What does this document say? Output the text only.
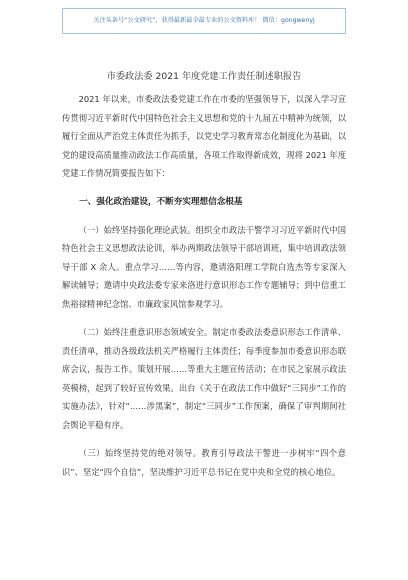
关注头条号“公文研究”，获得最新最全最专业的公文资料库！ 微信：gongwenyj
市委政法委 2021 年度党建工作责任制述职报告

2021 年以来，市委政法委党建工作在市委的坚强领导下，以深入学习宣传贯彻习近平新时代中国特色社会主义思想和党的十九届五中精神为统领，以履行全面从严治党主体责任为抓手，以党史学习教育常态化制度化为基础，以党的建设高质量推动政法工作高质量，各项工作取得新成效，现将 2021 年度党建工作情况简要报告如下：

一、强化政治建设，不断夯实理想信念根基

（一）始终坚持强化理论武装。组织全市政法干警学习习近平新时代中国特色社会主义思想政法论训，举办两期政法领导干部培训班，集中培训政法领导干部 X 余人。重点学习……等内容，邀请洛阳理工学院白选杰等专家深入解读辅导；邀请中央政法委专家来洛进行意识形态工作专题辅导；到中信重工焦裕禄精神纪念馆、市廉政家风馆参观学习。

（二）始终注重意识形态领域安全。制定市委政法委意识形态工作清单、责任清单，推动各级政法机关严格履行主体责任；每季度参加市委意识形态联席会议，报告工作。策划开展……等重大主题宣传活动；在市民之家展示政法英模榜，起到了较好宣传效果。出台《关于在政法工作中做好“三同步”工作的实施办法》，针对“……涉黑案”，制定“三同步”工作预案，确保了审判期间社会舆论平稳有序。

（三）始终坚持党的绝对领导。教育引导政法干警进一步树牢“四个意识”、坚定“四个自信”，坚决维护习近平总书记在党中央和全党的核心地位。
